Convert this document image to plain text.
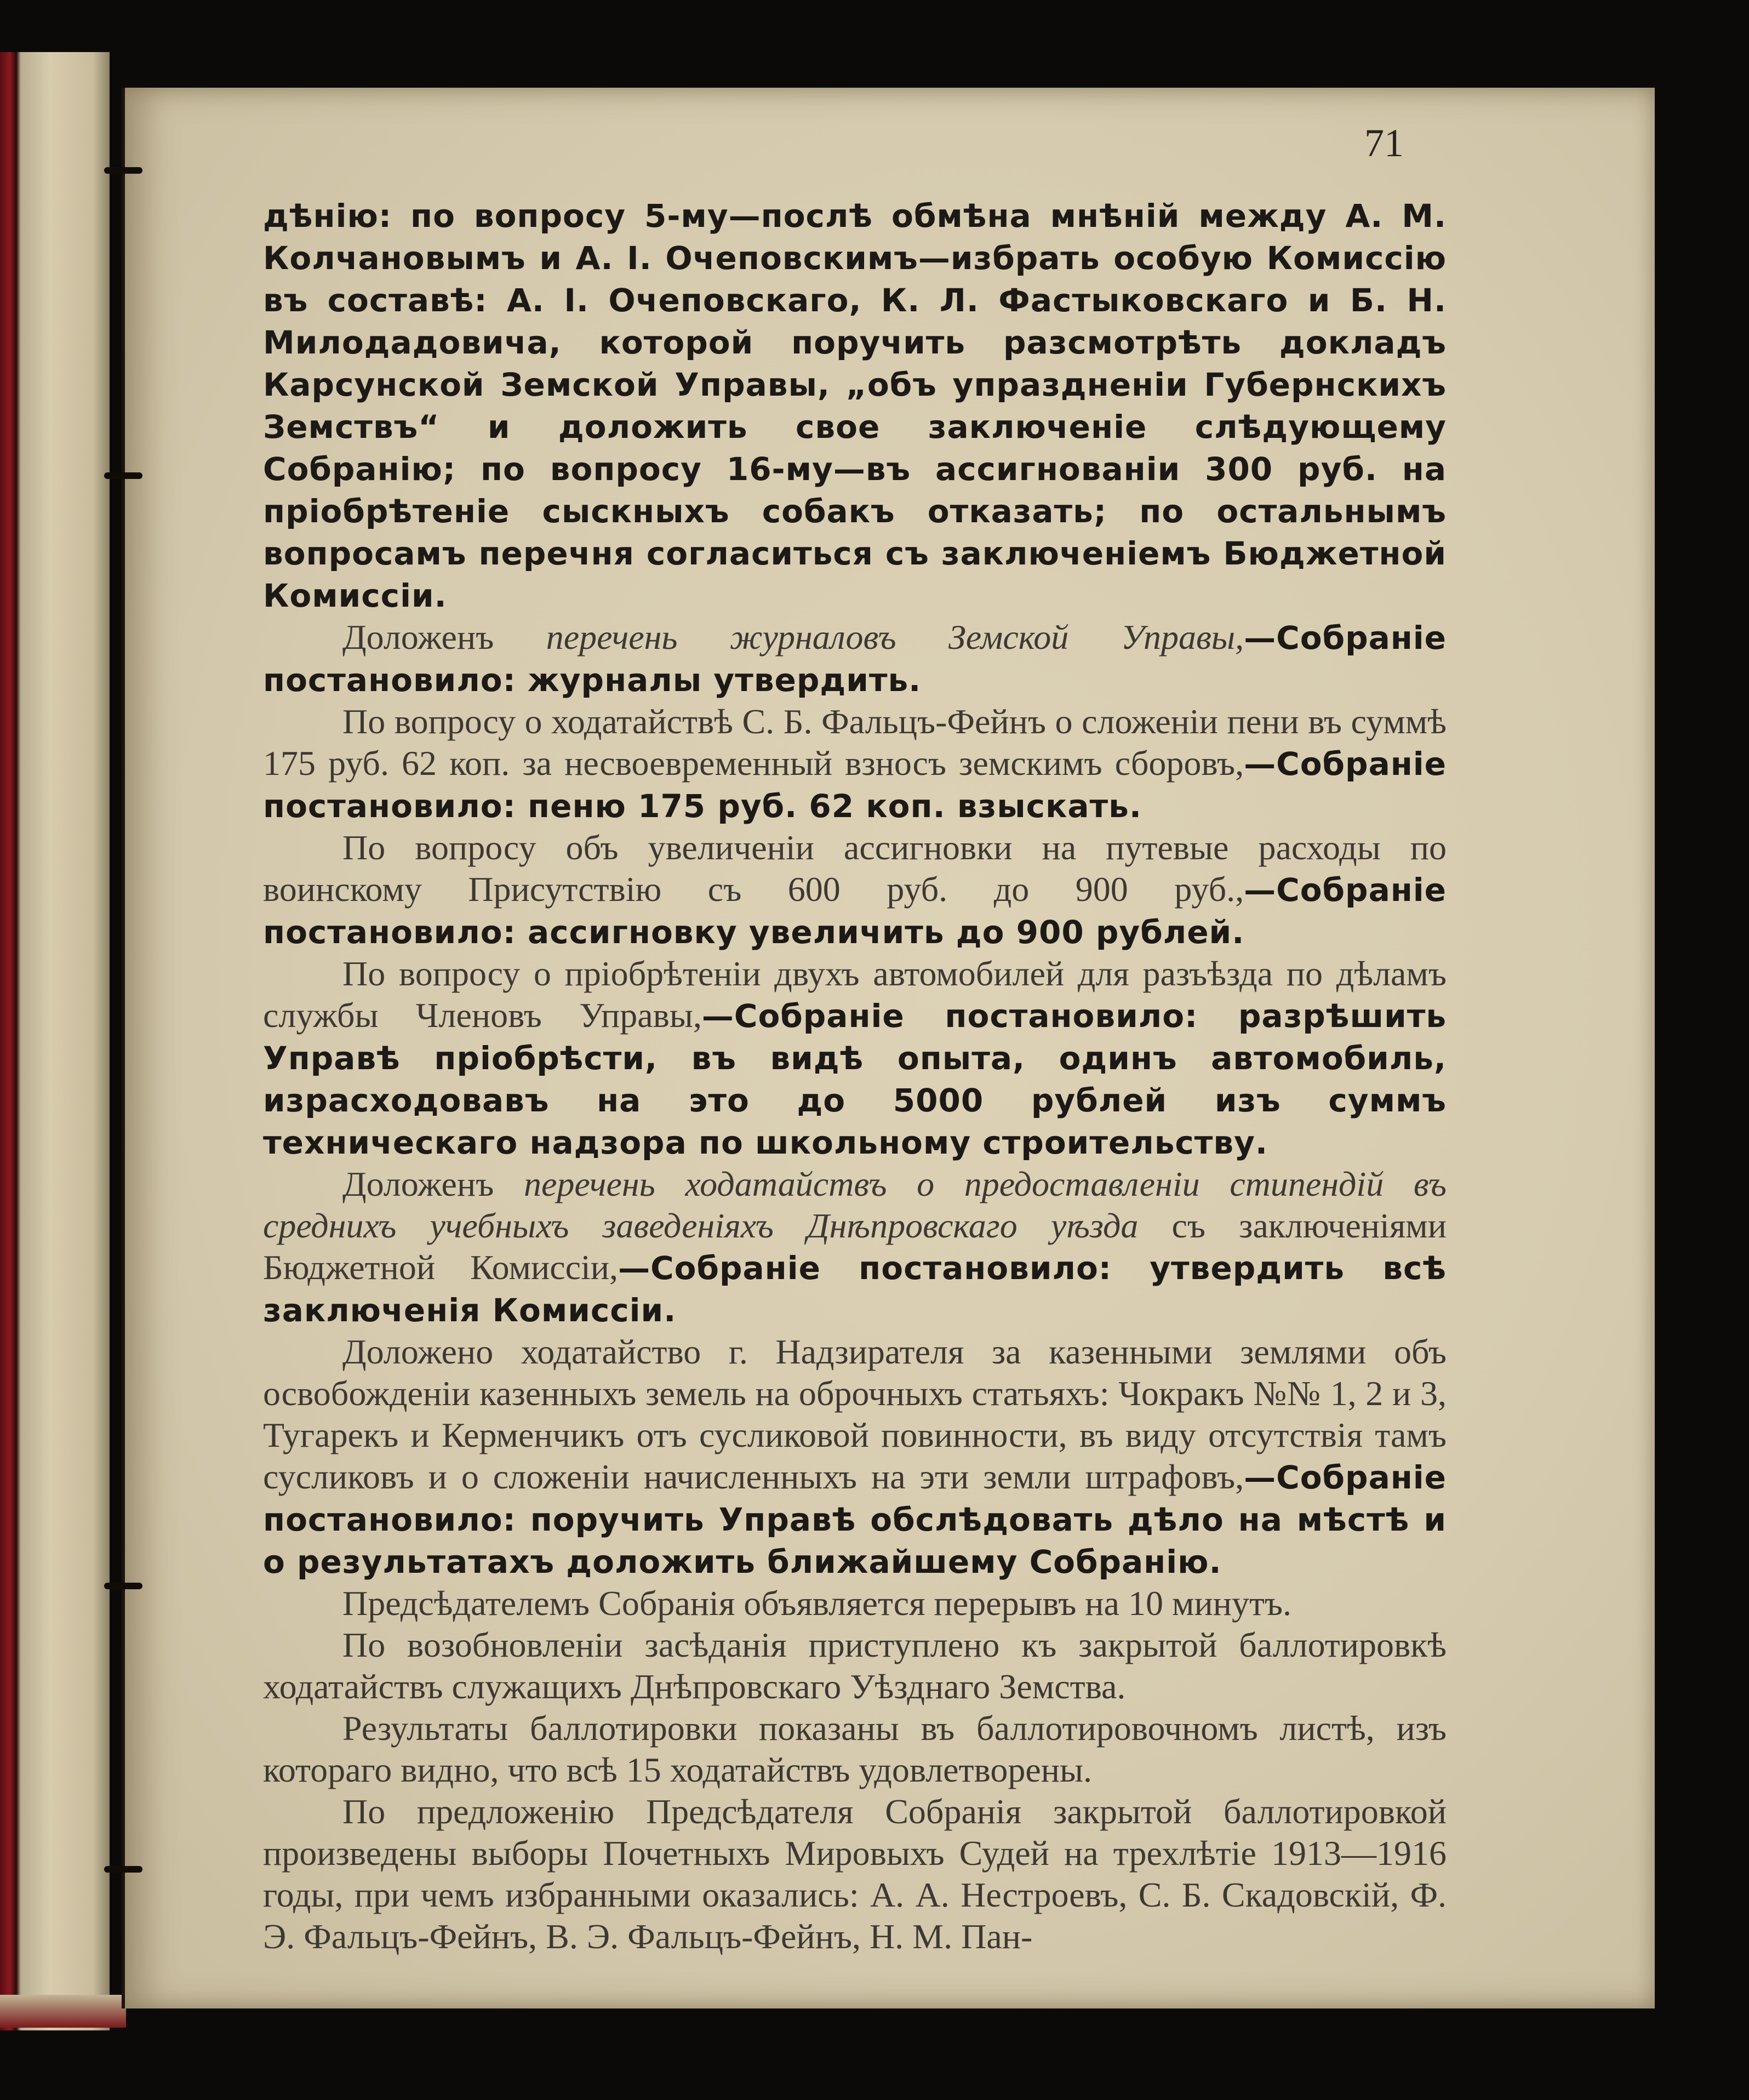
71

дѣнію: по вопросу 5-му—послѣ обмѣна мнѣній между А. М. Колчановымъ и А. І. Очеповскимъ—избрать особую Комиссію въ составѣ: А. І. Очеповскаго, К. Л. Фастыковскаго и Б. Н. Милодадовича, которой поручить разсмотрѣть докладъ Карсунской Земской Управы, „объ упраздненіи Губернскихъ Земствъ“ и доложить свое заключеніе слѣдующему Собранію; по вопросу 16-му—въ ассигнованіи 300 руб. на пріобрѣтеніе сыскныхъ собакъ отказать; по остальнымъ вопросамъ перечня согласиться съ заключеніемъ Бюджетной Комиссіи.

Доложенъ перечень журналовъ Земской Управы,—Собраніе постановило: журналы утвердить.

По вопросу о ходатайствѣ С. Б. Фальцъ-Фейнъ о сложеніи пени въ суммѣ 175 руб. 62 коп. за несвоевременный взносъ земскимъ сборовъ,—Собраніе постановило: пеню 175 руб. 62 коп. взыскать.

По вопросу объ увеличеніи ассигновки на путевые расходы по воинскому Присутствію съ 600 руб. до 900 руб.,—Собраніе постановило: ассигновку увеличить до 900 рублей.

По вопросу о пріобрѣтеніи двухъ автомобилей для разъѣзда по дѣламъ службы Членовъ Управы,—Собраніе постановило: разрѣшить Управѣ пріобрѣсти, въ видѣ опыта, одинъ автомобиль, израсходовавъ на это до 5000 рублей изъ суммъ техническаго надзора по школьному строительству.

Доложенъ перечень ходатайствъ о предоставленіи стипендій въ среднихъ учебныхъ заведеніяхъ Днѣпровскаго уѣзда съ заключеніями Бюджетной Комиссіи,—Собраніе постановило: утвердить всѣ заключенія Комиссіи.

Доложено ходатайство г. Надзирателя за казенными землями объ освобожденіи казенныхъ земель на оброчныхъ статьяхъ: Чокракъ №№ 1, 2 и 3, Тугарекъ и Керменчикъ отъ сусликовой повинности, въ виду отсутствія тамъ сусликовъ и о сложеніи начисленныхъ на эти земли штрафовъ,—Собраніе постановило: поручить Управѣ обслѣдовать дѣло на мѣстѣ и о результатахъ доложить ближайшему Собранію.

Предсѣдателемъ Собранія объявляется перерывъ на 10 минутъ.

По возобновленіи засѣданія приступлено къ закрытой баллотировкѣ ходатайствъ служащихъ Днѣпровскаго Уѣзднаго Земства.

Результаты баллотировки показаны въ баллотировочномъ листѣ, изъ котораго видно, что всѣ 15 ходатайствъ удовлетворены.

По предложенію Предсѣдателя Собранія закрытой баллотировкой произведены выборы Почетныхъ Мировыхъ Судей на трехлѣтіе 1913—1916 годы, при чемъ избранными оказались: А. А. Нестроевъ, С. Б. Скадовскій, Ф. Э. Фальцъ-Фейнъ, В. Э. Фальцъ-Фейнъ, Н. М. Пан-
